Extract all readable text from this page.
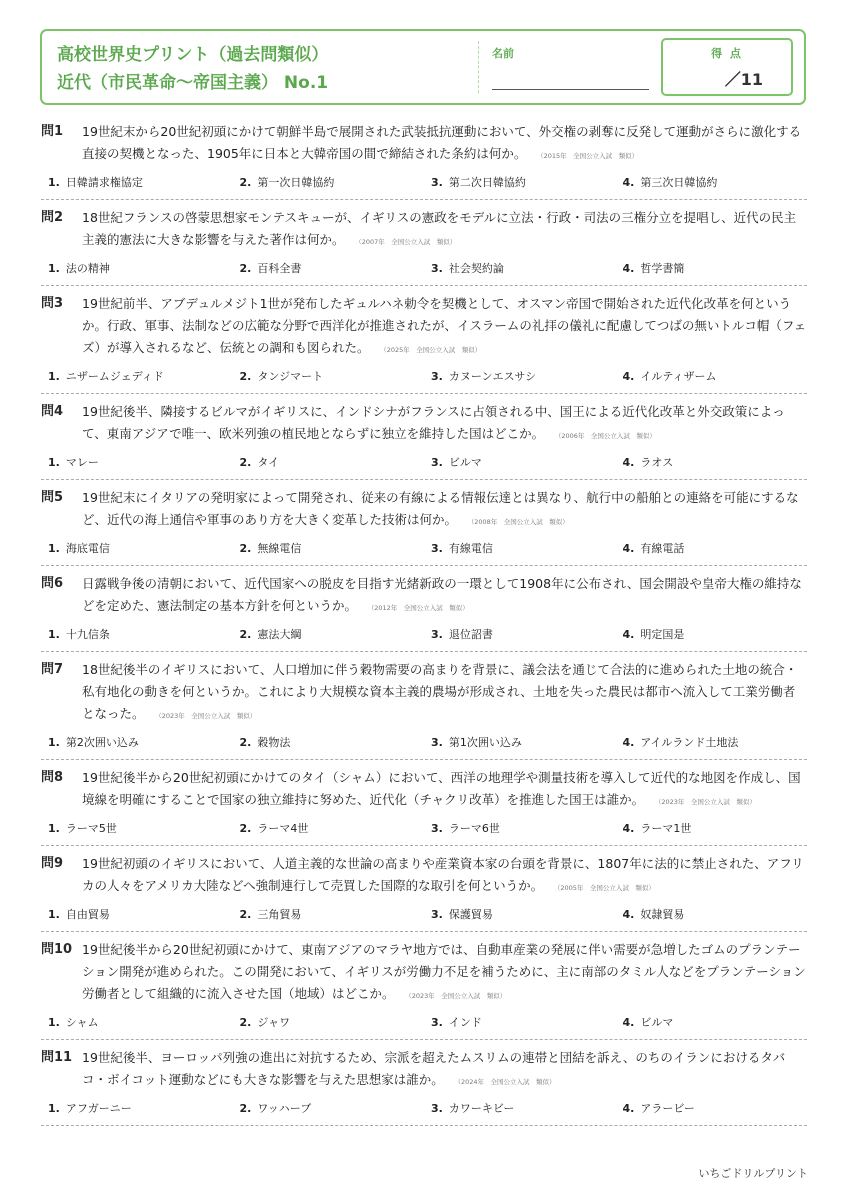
高校世界史プリント（過去問類似）
近代（市民革命〜帝国主義） No.1
名前	得 点
／11
問1	19世紀末から20世紀初頭にかけて朝鮮半島で展開された武装抵抗運動において、外交権の剥奪に反発して運動がさらに激化する直接の契機となった、1905年に日本と大韓帝国の間で締結された条約は何か。 （2015年　全国公立入試　類似）
1. 日韓請求権協定	2. 第一次日韓協約	3. 第二次日韓協約	4. 第三次日韓協約
問2	18世紀フランスの啓蒙思想家モンテスキューが、イギリスの憲政をモデルに立法・行政・司法の三権分立を提唱し、近代の民主主義的憲法に大きな影響を与えた著作は何か。 （2007年　全国公立入試　類似）
1. 法の精神	2. 百科全書	3. 社会契約論	4. 哲学書簡
問3	19世紀前半、アブデュルメジト1世が発布したギュルハネ勅令を契機として、オスマン帝国で開始された近代化改革を何というか。行政、軍事、法制などの広範な分野で西洋化が推進されたが、イスラームの礼拝の儀礼に配慮してつばの無いトルコ帽（フェズ）が導入されるなど、伝統との調和も図られた。 （2025年　全国公立入試　類似）
1. ニザームジェディド	2. タンジマート	3. カヌーンエスサシ	4. イルティザーム
問4	19世紀後半、隣接するビルマがイギリスに、インドシナがフランスに占領される中、国王による近代化改革と外交政策によって、東南アジアで唯一、欧米列強の植民地とならずに独立を維持した国はどこか。 （2006年　全国公立入試　類似）
1. マレー	2. タイ	3. ビルマ	4. ラオス
問5	19世紀末にイタリアの発明家によって開発され、従来の有線による情報伝達とは異なり、航行中の船舶との連絡を可能にするなど、近代の海上通信や軍事のあり方を大きく変革した技術は何か。 （2008年　全国公立入試　類似）
1. 海底電信	2. 無線電信	3. 有線電信	4. 有線電話
問6	日露戦争後の清朝において、近代国家への脱皮を目指す光緒新政の一環として1908年に公布され、国会開設や皇帝大権の維持などを定めた、憲法制定の基本方針を何というか。 （2012年　全国公立入試　類似）
1. 十九信条	2. 憲法大綱	3. 退位詔書	4. 明定国是
問7	18世紀後半のイギリスにおいて、人口増加に伴う穀物需要の高まりを背景に、議会法を通じて合法的に進められた土地の統合・私有地化の動きを何というか。これにより大規模な資本主義的農場が形成され、土地を失った農民は都市へ流入して工業労働者となった。 （2023年　全国公立入試　類似）
1. 第2次囲い込み	2. 穀物法	3. 第1次囲い込み	4. アイルランド土地法
問8	19世紀後半から20世紀初頭にかけてのタイ（シャム）において、西洋の地理学や測量技術を導入して近代的な地図を作成し、国境線を明確にすることで国家の独立維持に努めた、近代化（チャクリ改革）を推進した国王は誰か。 （2023年　全国公立入試　類似）
1. ラーマ5世	2. ラーマ4世	3. ラーマ6世	4. ラーマ1世
問9	19世紀初頭のイギリスにおいて、人道主義的な世論の高まりや産業資本家の台頭を背景に、1807年に法的に禁止された、アフリカの人々をアメリカ大陸などへ強制連行して売買した国際的な取引を何というか。 （2005年　全国公立入試　類似）
1. 自由貿易	2. 三角貿易	3. 保護貿易	4. 奴隷貿易
問10 19世紀後半から20世紀初頭にかけて、東南アジアのマラヤ地方では、自動車産業の発展に伴い需要が急増したゴムのプランテーション開発が進められた。この開発において、イギリスが労働力不足を補うために、主に南部のタミル人などをプランテーション労働者として組織的に流入させた国（地域）はどこか。 （2023年　全国公立入試　類似）
1. シャム	2. ジャワ	3. インド	4. ビルマ
問11 19世紀後半、ヨーロッパ列強の進出に対抗するため、宗派を超えたムスリムの連帯と団結を訴え、のちのイランにおけるタバコ・ボイコット運動などにも大きな影響を与えた思想家は誰か。 （2024年　全国公立入試　類似）
1. アフガーニー	2. ワッハーブ	3. カワーキビー	4. アラービー
いちごドリルプリント
